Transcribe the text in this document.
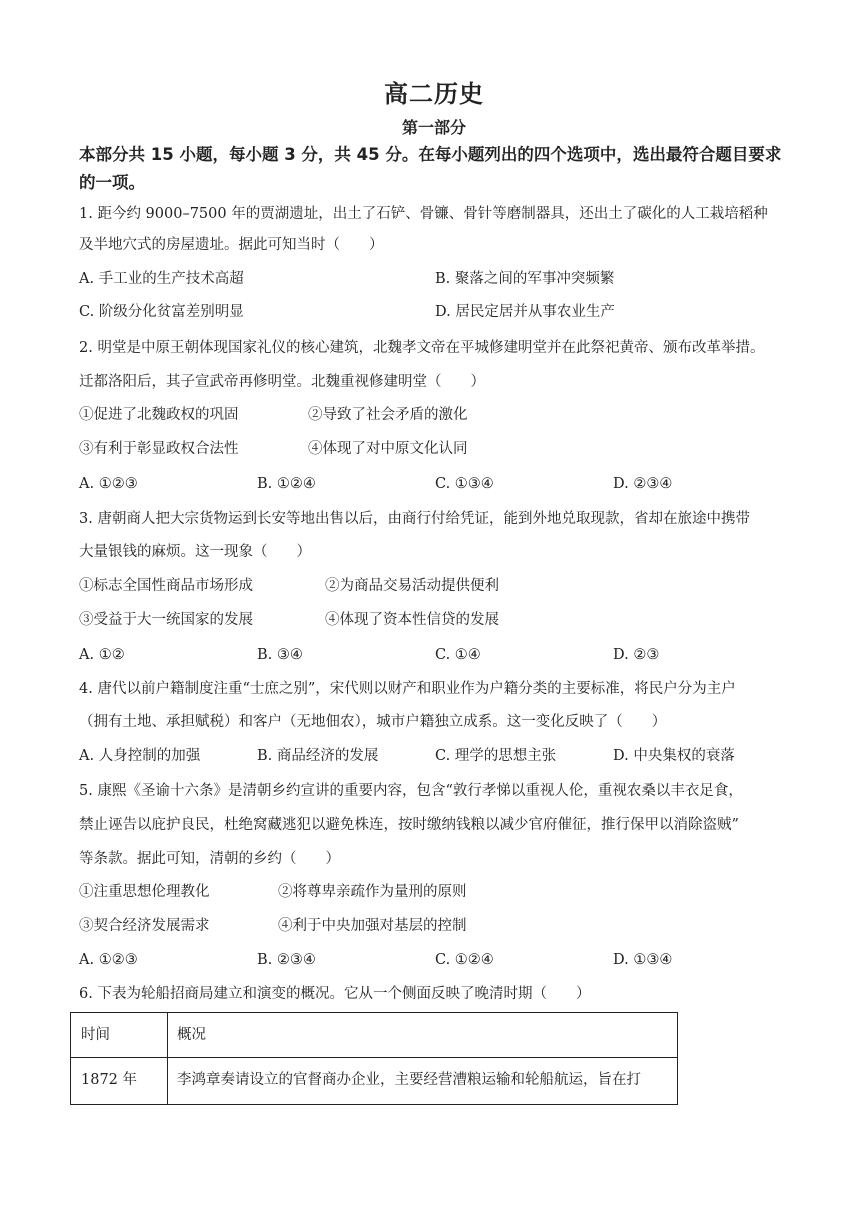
高二历史
第一部分
本部分共 15 小题，每小题 3 分，共 45 分。在每小题列出的四个选项中，选出最符合题目要求的一项。
1. 距今约 9000–7500 年的贾湖遗址，出土了石铲、骨镰、骨针等磨制器具，还出土了碳化的人工栽培稻种
及半地穴式的房屋遗址。据此可知当时（　　）
A. 手工业的生产技术高超	B. 聚落之间的军事冲突频繁
C. 阶级分化贫富差别明显	D. 居民定居并从事农业生产
2. 明堂是中原王朝体现国家礼仪的核心建筑，北魏孝文帝在平城修建明堂并在此祭祀黄帝、颁布改革举措。
迁都洛阳后，其子宣武帝再修明堂。北魏重视修建明堂（　　）
①促进了北魏政权的巩固	②导致了社会矛盾的激化
③有利于彰显政权合法性	④体现了对中原文化认同
A. ①②③	B. ①②④	C. ①③④	D. ②③④
3. 唐朝商人把大宗货物运到长安等地出售以后，由商行付给凭证，能到外地兑取现款，省却在旅途中携带
大量银钱的麻烦。这一现象（　　）
①标志全国性商品市场形成	②为商品交易活动提供便利
③受益于大一统国家的发展	④体现了资本性信贷的发展
A. ①②	B. ③④	C. ①④	D. ②③
4. 唐代以前户籍制度注重“士庶之别”，宋代则以财产和职业作为户籍分类的主要标准，将民户分为主户
（拥有土地、承担赋税）和客户（无地佃农），城市户籍独立成系。这一变化反映了（　　）
A. 人身控制的加强	B. 商品经济的发展	C. 理学的思想主张	D. 中央集权的衰落
5. 康熙《圣谕十六条》是清朝乡约宣讲的重要内容，包含“敦行孝悌以重视人伦，重视农桑以丰衣足食，
禁止诬告以庇护良民，杜绝窝藏逃犯以避免株连，按时缴纳钱粮以减少官府催征，推行保甲以消除盗贼”
等条款。据此可知，清朝的乡约（　　）
①注重思想伦理教化	②将尊卑亲疏作为量刑的原则
③契合经济发展需求	④利于中央加强对基层的控制
A. ①②③	B. ②③④	C. ①②④	D. ①③④
6. 下表为轮船招商局建立和演变的概况。它从一个侧面反映了晚清时期（　　）
时间	概况
1872 年	李鸿章奏请设立的官督商办企业，主要经营漕粮运输和轮船航运，旨在打
